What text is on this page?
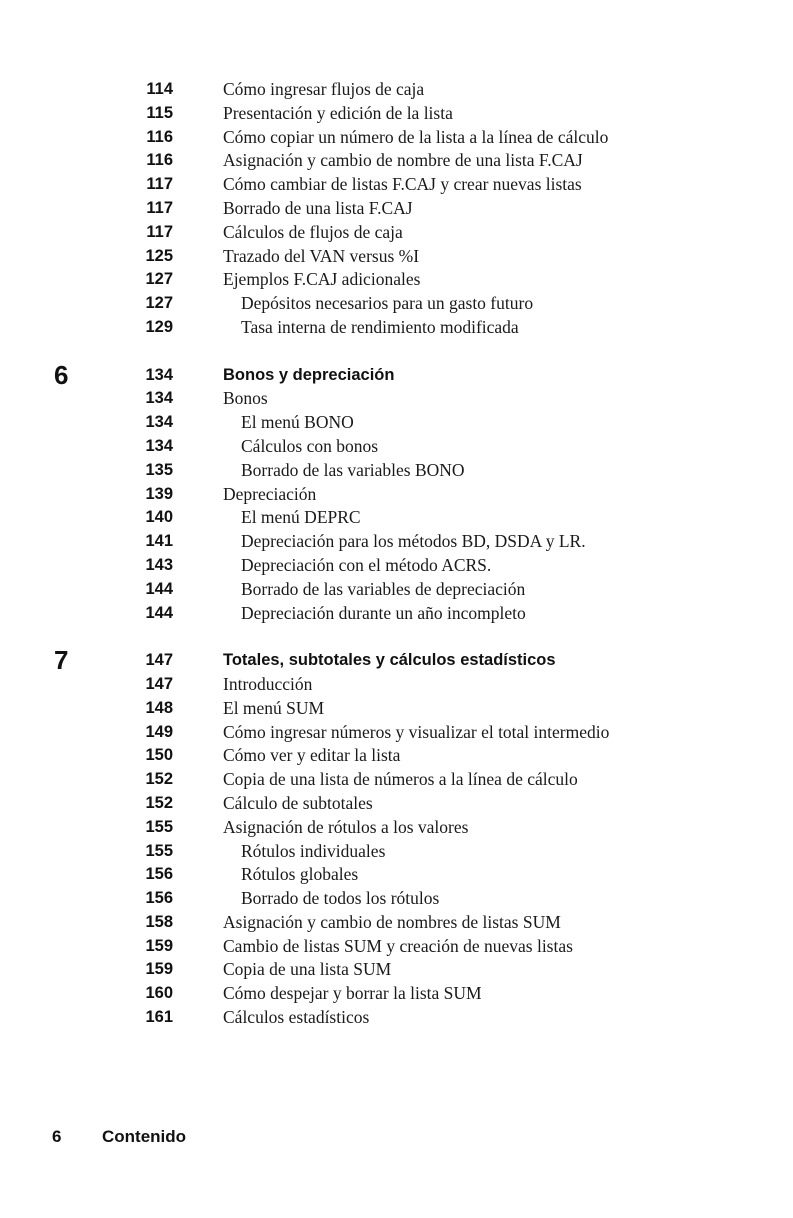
114	Cómo ingresar flujos de caja
115	Presentación y edición de la lista
116	Cómo copiar un número de la lista a la línea de cálculo
116	Asignación y cambio de nombre de una lista F.CAJ
117	Cómo cambiar de listas F.CAJ y crear nuevas listas
117	Borrado de una lista F.CAJ
117	Cálculos de flujos de caja
125	Trazado del VAN versus %I
127	Ejemplos F.CAJ adicionales
127	Depósitos necesarios para un gasto futuro
129	Tasa interna de rendimiento modificada
6	134	Bonos y depreciación
134	Bonos
134	El menú BONO
134	Cálculos con bonos
135	Borrado de las variables BONO
139	Depreciación
140	El menú DEPRC
141	Depreciación para los métodos BD, DSDA y LR.
143	Depreciación con el método ACRS.
144	Borrado de las variables de depreciación
144	Depreciación durante un año incompleto
7	147	Totales, subtotales y cálculos estadísticos
147	Introducción
148	El menú SUM
149	Cómo ingresar números y visualizar el total intermedio
150	Cómo ver y editar la lista
152	Copia de una lista de números a la línea de cálculo
152	Cálculo de subtotales
155	Asignación de rótulos a los valores
155	Rótulos individuales
156	Rótulos globales
156	Borrado de todos los rótulos
158	Asignación y cambio de nombres de listas SUM
159	Cambio de listas SUM y creación de nuevas listas
159	Copia de una lista SUM
160	Cómo despejar y borrar la lista SUM
161	Cálculos estadísticos
6 Contenido
